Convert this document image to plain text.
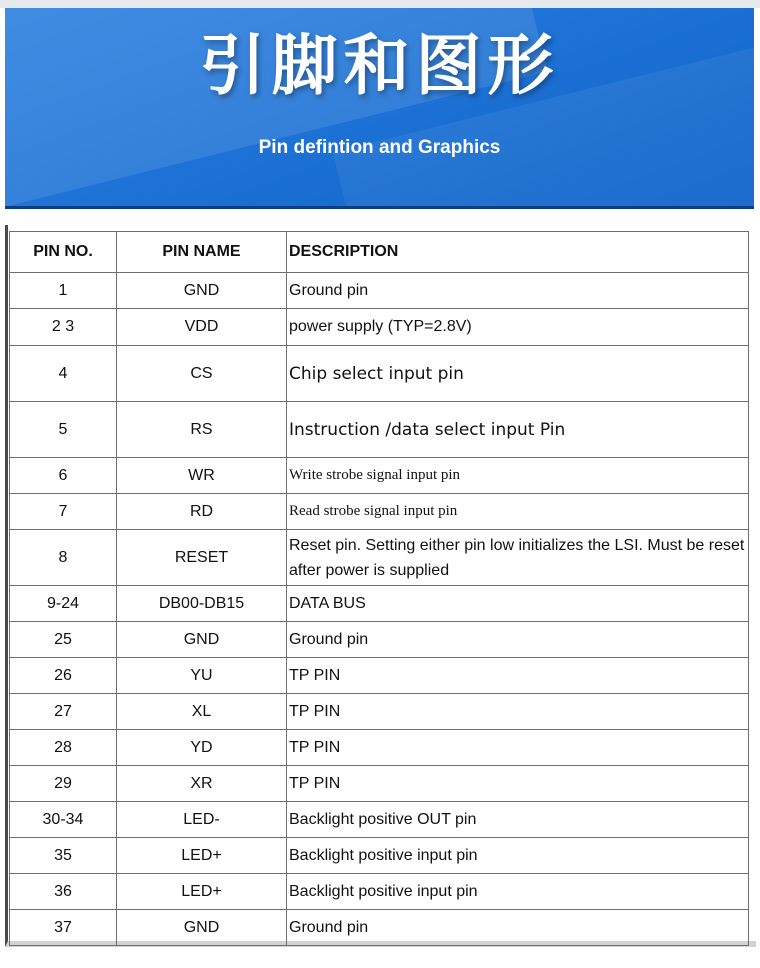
引脚和图形
Pin defintion and Graphics
PIN NO.	PIN NAME	DESCRIPTION
1	GND	Ground pin
2 3	VDD	power supply (TYP=2.8V)
4	CS	Chip select input pin
5	RS	Instruction /data select input Pin
6	WR	Write strobe signal input pin
7	RD	Read strobe signal input pin
8	RESET	Reset pin. Setting either pin low initializes the LSI. Must be reset after power is supplied
9-24	DB00-DB15	DATA BUS
25	GND	Ground pin
26	YU	TP PIN
27	XL	TP PIN
28	YD	TP PIN
29	XR	TP PIN
30-34	LED-	Backlight positive OUT pin
35	LED+	Backlight positive input pin
36	LED+	Backlight positive input pin
37	GND	Ground pin
